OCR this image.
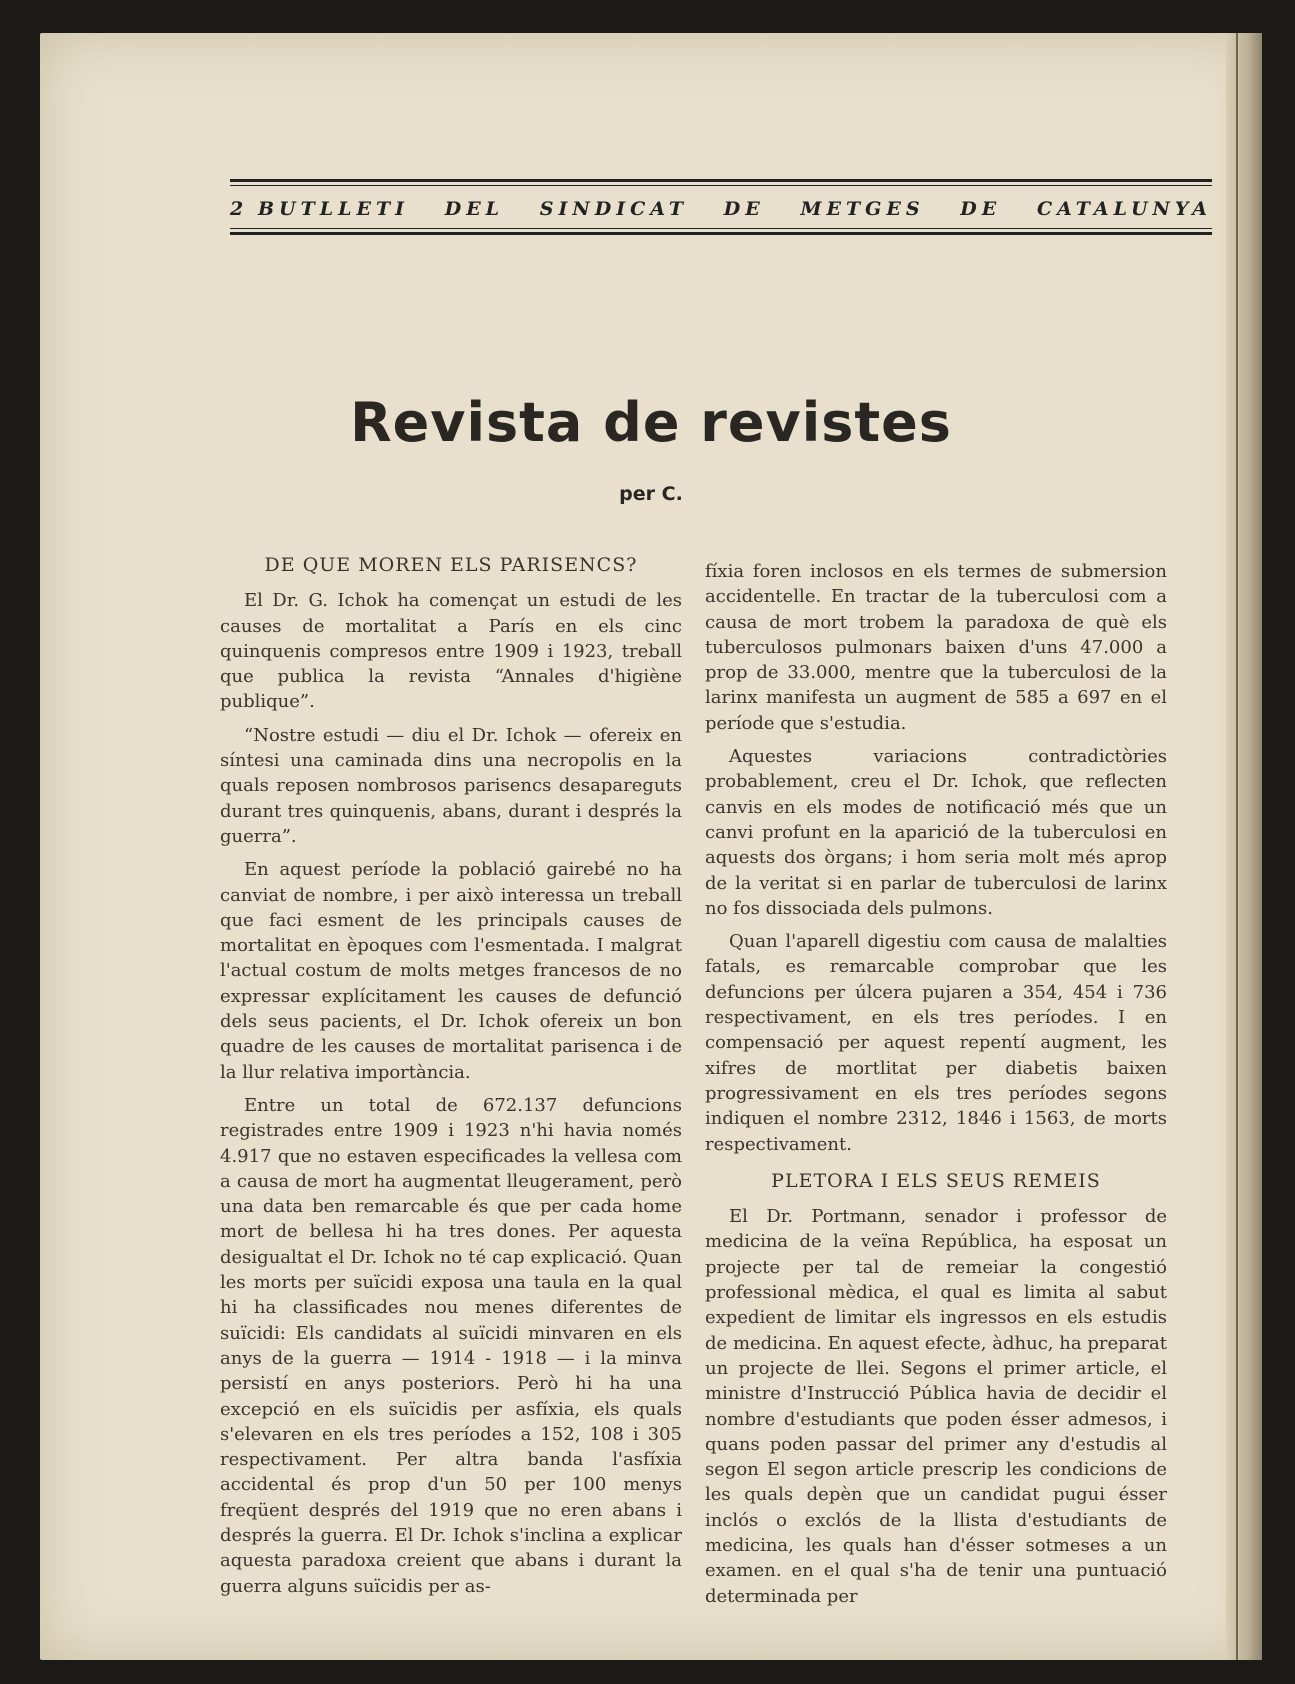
2 BUTLLETI DEL SINDICAT DE METGES DE CATALUNYA
Revista de revistes
per C.
DE QUE MOREN ELS PARISENCS?

El Dr. G. Ichok ha començat un estudi de les causes de mortalitat a París en els cinc quinquenis compresos entre 1909 i 1923, treball que publica la revista “Annales d'higiène publique”.

“Nostre estudi — diu el Dr. Ichok — ofereix en síntesi una caminada dins una necropolis en la quals reposen nombrosos parisencs desapareguts durant tres quinquenis, abans, durant i després la guerra”.

En aquest període la població gairebé no ha canviat de nombre, i per això interessa un treball que faci esment de les principals causes de mortalitat en èpoques com l'esmentada. I malgrat l'actual costum de molts metges francesos de no expressar explícitament les causes de defunció dels seus pacients, el Dr. Ichok ofereix un bon quadre de les causes de mortalitat parisenca i de la llur relativa importància.

Entre un total de 672.137 defuncions registrades entre 1909 i 1923 n'hi havia només 4.917 que no estaven especificades la vellesa com a causa de mort ha augmentat lleugerament, però una data ben remarcable és que per cada home mort de bellesa hi ha tres dones. Per aquesta desigualtat el Dr. Ichok no té cap explicació. Quan les morts per suïcidi exposa una taula en la qual hi ha classificades nou menes diferentes de suïcidi: Els candidats al suïcidi minvaren en els anys de la guerra — 1914 - 1918 — i la minva persistí en anys posteriors. Però hi ha una excepció en els suïcidis per asfíxia, els quals s'elevaren en els tres períodes a 152, 108 i 305 respectivament. Per altra banda l'asfíxia accidental és prop d'un 50 per 100 menys freqüent després del 1919 que no eren abans i després la guerra. El Dr. Ichok s'inclina a explicar aquesta paradoxa creient que abans i durant la guerra alguns suïcidis per as-

fíxia foren inclosos en els termes de submersion accidentelle. En tractar de la tuberculosi com a causa de mort trobem la paradoxa de què els tuberculosos pulmonars baixen d'uns 47.000 a prop de 33.000, mentre que la tuberculosi de la larinx manifesta un augment de 585 a 697 en el període que s'estudia.

Aquestes variacions contradictòries probablement, creu el Dr. Ichok, que reflecten canvis en els modes de notificació més que un canvi profunt en la aparició de la tuberculosi en aquests dos òrgans; i hom seria molt més aprop de la veritat si en parlar de tuberculosi de larinx no fos dissociada dels pulmons.

Quan l'aparell digestiu com causa de malalties fatals, es remarcable comprobar que les defuncions per úlcera pujaren a 354, 454 i 736 respectivament, en els tres períodes. I en compensació per aquest repentí augment, les xifres de mortlitat per diabetis baixen progressivament en els tres períodes segons indiquen el nombre 2312, 1846 i 1563, de morts respectivament.

PLETORA I ELS SEUS REMEIS

El Dr. Portmann, senador i professor de medicina de la veïna República, ha esposat un projecte per tal de remeiar la congestió professional mèdica, el qual es limita al sabut expedient de limitar els ingressos en els estudis de medicina. En aquest efecte, àdhuc, ha preparat un projecte de llei. Segons el primer article, el ministre d'Instrucció Pública havia de decidir el nombre d'estudiants que poden ésser admesos, i quans poden passar del primer any d'estudis al segon El segon article prescrip les condicions de les quals depèn que un candidat pugui ésser inclós o exclós de la llista d'estudiants de medicina, les quals han d'ésser sotmeses a un examen. en el qual s'ha de tenir una puntuació determinada per
